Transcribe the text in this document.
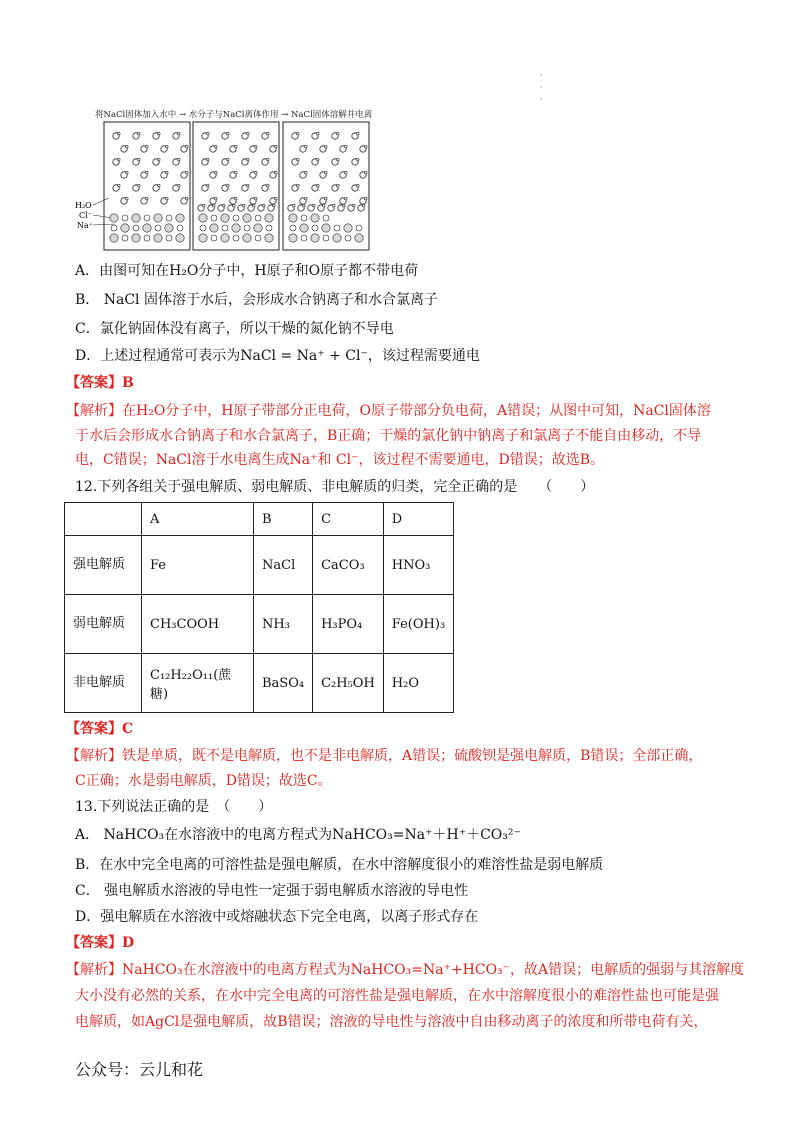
·
·
·
将NaCl固体加入水中 → 水分子与NaCl离体作用 → NaCl固体溶解并电离
H₂O
Cl⁻
Na⁺
A．由图可知在H₂O分子中，H原子和O原子都不带电荷
B． NaCl 固体溶于水后，会形成水合钠离子和水合氯离子
C．氯化钠固体没有离子，所以干燥的氮化钠不导电
D．上述过程通常可表示为NaCl = Na⁺ + Cl⁻，该过程需要通电
【答案】B
【解析】在H₂O分子中，H原子带部分正电荷，O原子带部分负电荷，A错误；从图中可知，NaCl固体溶
于水后会形成水合钠离子和水合氯离子，B正确；干燥的氯化钠中钠离子和氯离子不能自由移动，不导
电，C错误；NaCl溶于水电离生成Na⁺和 Cl⁻，该过程不需要通电，D错误；故选B。
12.下列各组关于强电解质、弱电解质、非电解质的归类，完全正确的是　　（　　）
	A	B	C	D
强电解质	Fe	NaCl	CaCO₃	HNO₃
弱电解质	CH₃COOH	NH₃	H₃PO₄	Fe(OH)₃
非电解质	C₁₂H₂₂O₁₁(蔗糖)	BaSO₄	C₂H₅OH	H₂O
【答案】C
【解析】铁是单质，既不是电解质，也不是非电解质，A错误；硫酸钡是强电解质，B错误；全部正确，
C正确；水是弱电解质，D错误；故选C。
13.下列说法正确的是　（　　）
A． NaHCO₃在水溶液中的电离方程式为NaHCO₃=Na⁺＋H⁺＋CO₃²⁻
B．在水中完全电离的可溶性盐是强电解质，在水中溶解度很小的难溶性盐是弱电解质
C． 强电解质水溶液的导电性一定强于弱电解质水溶液的导电性
D．强电解质在水溶液中或熔融状态下完全电离，以离子形式存在
【答案】D
【解析】NaHCO₃在水溶液中的电离方程式为NaHCO₃=Na⁺+HCO₃⁻，故A错误；电解质的强弱与其溶解度
大小没有必然的关系，在水中完全电离的可溶性盐是强电解质，在水中溶解度很小的难溶性盐也可能是强
电解质，如AgCl是强电解质，故B错误；溶液的导电性与溶液中自由移动离子的浓度和所带电荷有关，
公众号：云儿和花
